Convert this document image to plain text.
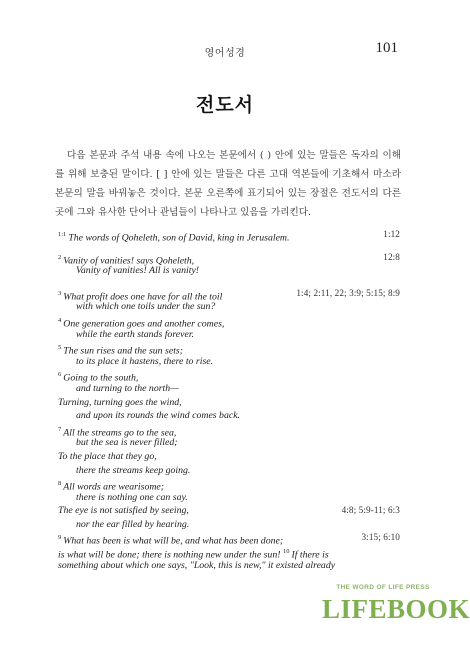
영어성경	101
전도서
다음 본문과 주석 내용 속에 나오는 본문에서 ( ) 안에 있는 말들은 독자의 이해를 위해 보충된 말이다. [ ] 안에 있는 말들은 다른 고대 역본들에 기초해서 마소라 본문의 말을 바꿔놓은 것이다. 본문 오른쪽에 표기되어 있는 장절은 전도서의 다른 곳에 그와 유사한 단어나 관념들이 나타나고 있음을 가리킨다.
$^{1:1}$ The words of Qoheleth, son of David, king in Jerusalem.	1:12
$^2$ Vanity of vanities! says Qoheleth,	12:8
Vanity of vanities! All is vanity!
$^3$ What profit does one have for all the toil	1:4; 2:11, 22; 3:9; 5:15; 8:9
with which one toils under the sun?
$^4$ One generation goes and another comes,
while the earth stands forever.
$^5$ The sun rises and the sun sets;
to its place it hastens, there to rise.
$^6$ Going to the south,
and turning to the north—
Turning, turning goes the wind,
and upon its rounds the wind comes back.
$^7$ All the streams go to the sea,
but the sea is never filled;
To the place that they go,
there the streams keep going.
$^8$ All words are wearisome;
there is nothing one can say.
The eye is not satisfied by seeing,	4:8; 5:9-11; 6:3
nor the ear filled by hearing.
$^9$ What has been is what will be, and what has been done;	3:15; 6:10
is what will be done; there is nothing new under the sun! $^{10}$ If there is
something about which one says, "Look, this is new," it existed already
THE WORD OF LIFE PRESS
LIFEBOOK
